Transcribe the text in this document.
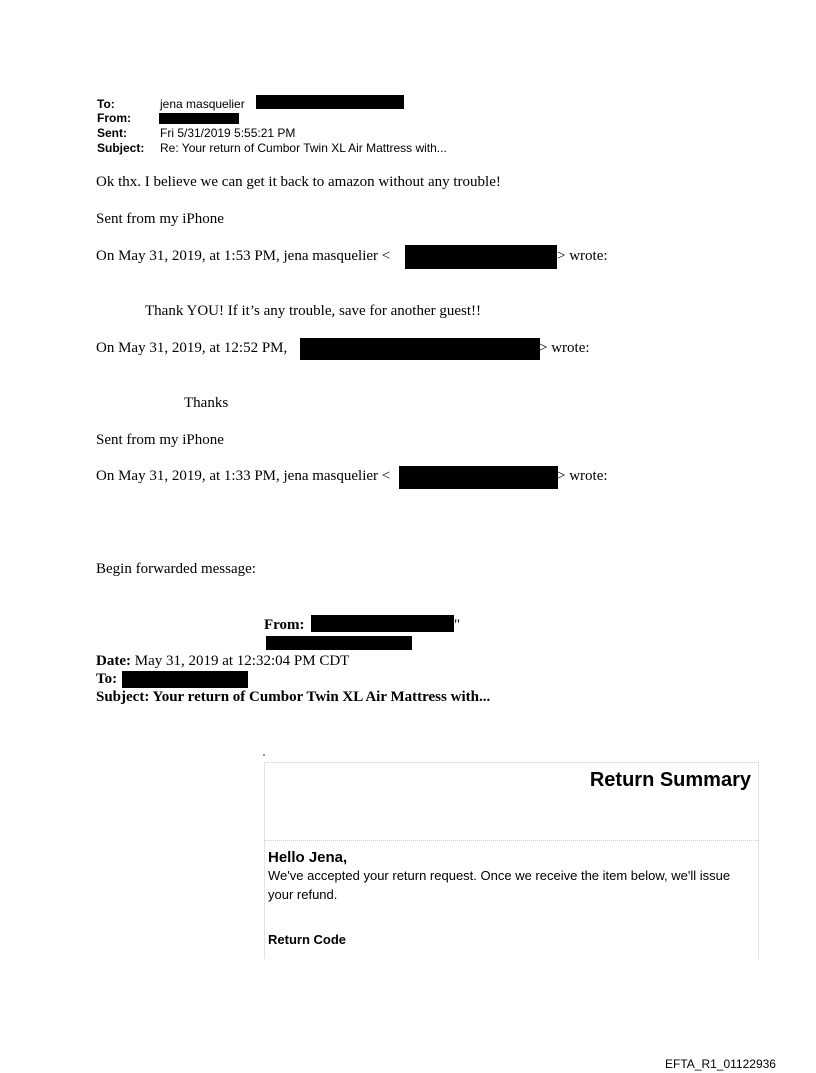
To:	jena masquelier
From:
Sent:	Fri 5/31/2019 5:55:21 PM
Subject: Re: Your return of Cumbor Twin XL Air Mattress with...
Ok thx. I believe we can get it back to amazon without any trouble!
Sent from my iPhone
On May 31, 2019, at 1:53 PM, jena masquelier <	> wrote:
Thank YOU! If it’s any trouble, save for another guest!!
On May 31, 2019, at 12:52 PM,	> wrote:
Thanks
Sent from my iPhone
On May 31, 2019, at 1:33 PM, jena masquelier <	> wrote:
Begin forwarded message:
From:	"
Date: May 31, 2019 at 12:32:04 PM CDT
To:
Subject: Your return of Cumbor Twin XL Air Mattress with...
Return Summary
Hello Jena,
We've accepted your return request. Once we receive the item below, we'll issue your refund.
Return Code
EFTA_R1_01122936
